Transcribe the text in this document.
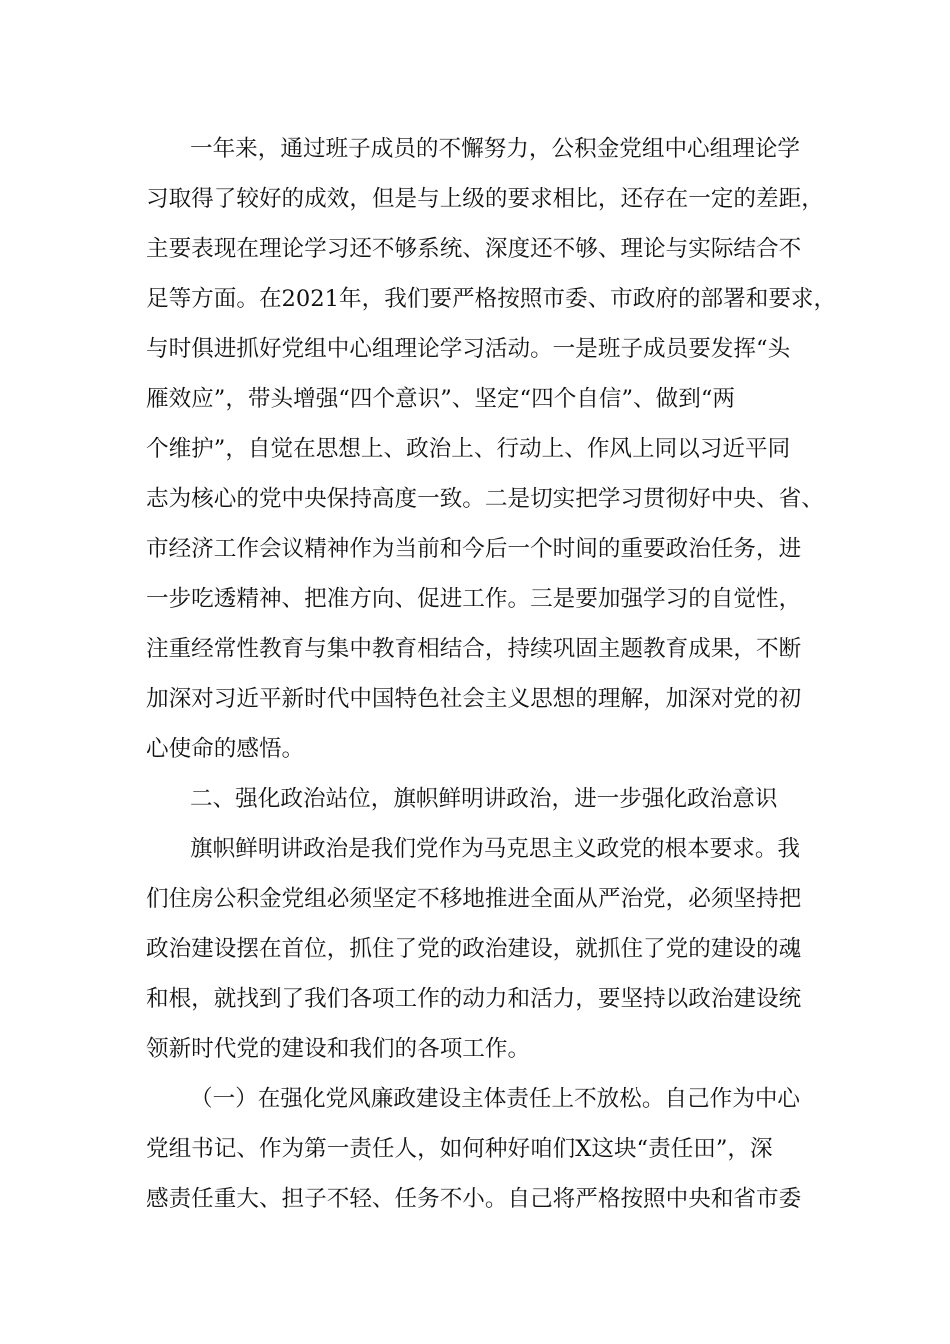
一年来，通过班子成员的不懈努力，公积金党组中心组理论学
习取得了较好的成效，但是与上级的要求相比，还存在一定的差距，
主要表现在理论学习还不够系统、深度还不够、理论与实际结合不
足等方面。在2021年，我们要严格按照市委、市政府的部署和要求，
与时俱进抓好党组中心组理论学习活动。一是班子成员要发挥“头
雁效应”，带头增强“四个意识”、坚定“四个自信”、做到“两
个维护”，自觉在思想上、政治上、行动上、作风上同以习近平同
志为核心的党中央保持高度一致。二是切实把学习贯彻好中央、省、
市经济工作会议精神作为当前和今后一个时间的重要政治任务，进
一步吃透精神、把准方向、促进工作。三是要加强学习的自觉性，
注重经常性教育与集中教育相结合，持续巩固主题教育成果，不断
加深对习近平新时代中国特色社会主义思想的理解，加深对党的初
心使命的感悟。
二、强化政治站位，旗帜鲜明讲政治，进一步强化政治意识
旗帜鲜明讲政治是我们党作为马克思主义政党的根本要求。我
们住房公积金党组必须坚定不移地推进全面从严治党，必须坚持把
政治建设摆在首位，抓住了党的政治建设，就抓住了党的建设的魂
和根，就找到了我们各项工作的动力和活力，要坚持以政治建设统
领新时代党的建设和我们的各项工作。
（一）在强化党风廉政建设主体责任上不放松。自己作为中心
党组书记、作为第一责任人，如何种好咱们X这块“责任田”，深
感责任重大、担子不轻、任务不小。自己将严格按照中央和省市委
